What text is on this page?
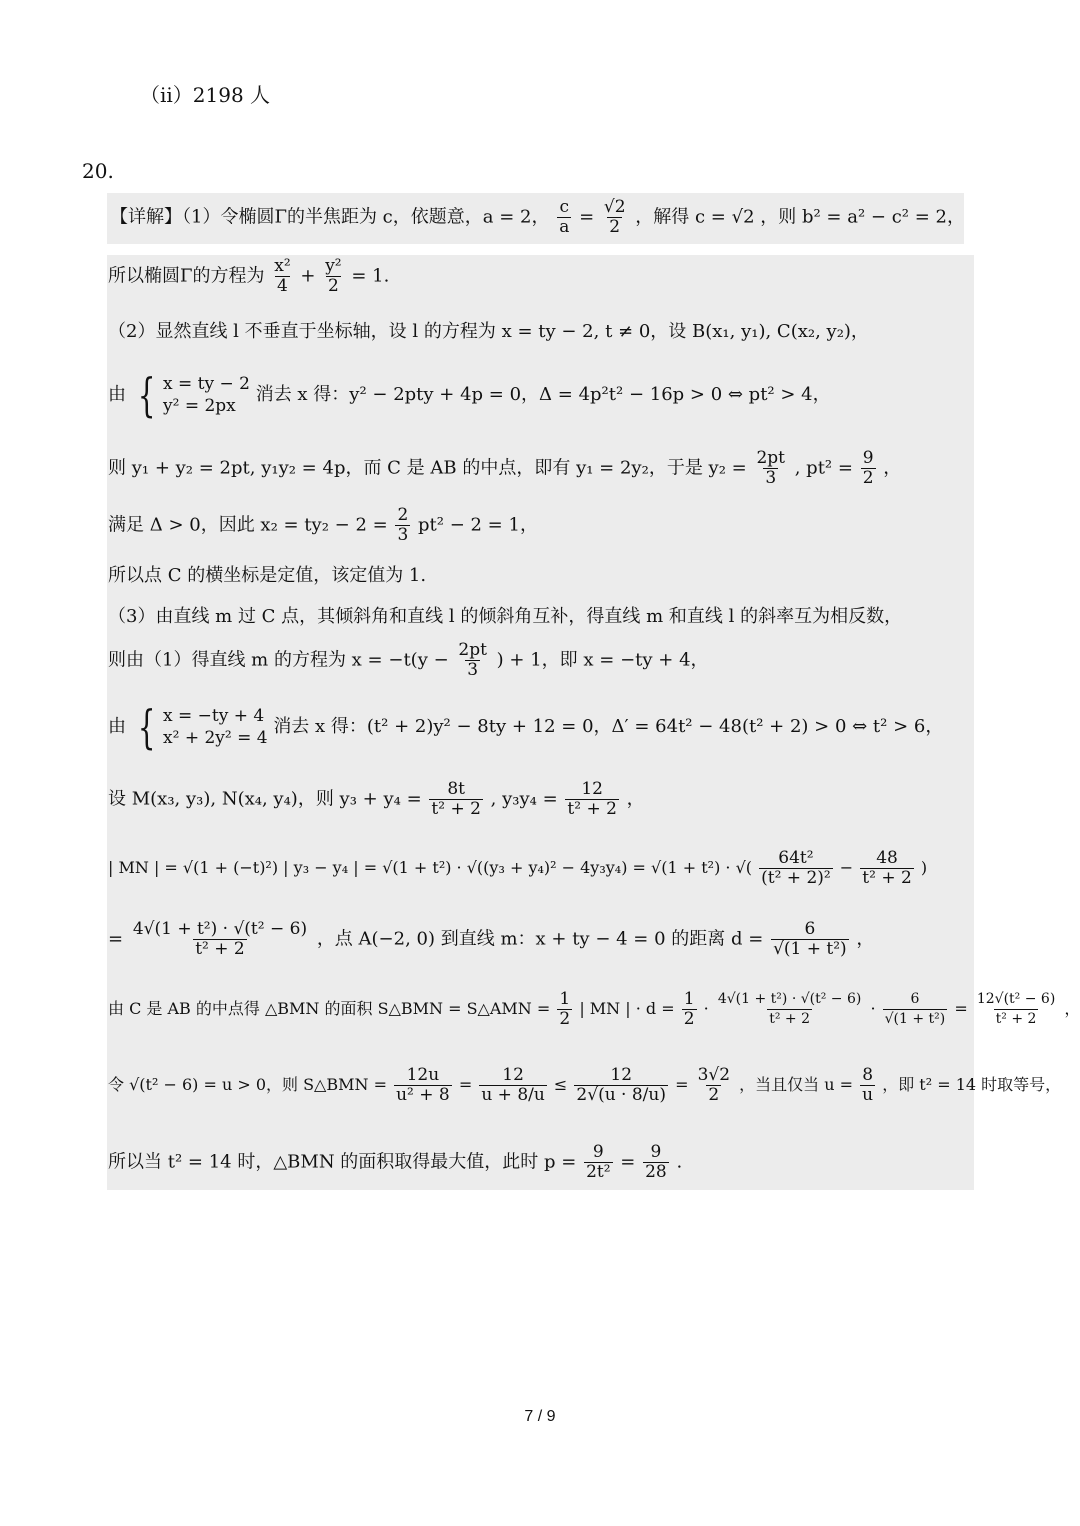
（ii）2198 人
20.
【详解】（1）令椭圆Γ的半焦距为 c，依题意，a = 2， $\frac{c}{a} = \frac{√2}{2}$ ，解得 c = √2 ，则 b² = a² − c² = 2，
所以椭圆Γ的方程为 $\frac{\text{x²}}{4} + \frac{\text{y²}}{2} = 1$.
（2）显然直线 l 不垂直于坐标轴，设 l 的方程为 x = ty − 2, t ≠ 0，设 B(x₁, y₁), C(x₂, y₂)，
由 { x = ty − 2
y² = 2px
消去 x 得：y² − 2pty + 4p = 0，Δ = 4p²t² − 16p > 0 ⇔ pt² > 4，
则 y₁ + y₂ = 2pt, y₁y₂ = 4p，而 C 是 AB 的中点，即有 y₁ = 2y₂，于是 $y_2 = \frac{2pt}{3}$ , $pt^2 = \frac{9}{2}$ ，
满足 Δ > 0，因此 $x_2 = ty_2 - 2 = \frac{2}{3} pt^2 - 2 = 1$，
所以点 C 的横坐标是定值，该定值为 1.
（3）由直线 m 过 C 点，其倾斜角和直线 l 的倾斜角互补，得直线 m 和直线 l 的斜率互为相反数，
则由（1）得直线 m 的方程为 $x = -t(y - \frac{2pt}{3}$ ) + 1，即 x = −ty + 4，
由 { x = −ty + 4
x² + 2y² = 4
消去 x 得：(t² + 2)y² − 8ty + 12 = 0，Δ′ = 64t² − 48(t² + 2) > 0 ⇔ t² > 6，
设 M(x₃, y₃), N(x₄, y₄)，则 $y_3 + y_4 = \frac{8t}{\text{t² + 2}}$ , $y_3y_4 = \frac{12}{\text{t² + 2}}$ ，
| MN | = √(1 + (−t)²) | y₃ − y₄ | = √(1 + t²) · √((y₃ + y₄)² − 4y₃y₄) = √(1 + t²) · √( $\frac{\text{64t²}}{\text{(t² + 2)²}} - \frac{48}{\text{t² + 2}}$ )
= $\frac{\text{4√(1 + t²) · √(t² − 6)}}{\text{t² + 2}}$ ，点 A(−2, 0) 到直线 m：x + ty − 4 = 0 的距离 $d = \frac{6}{\text{√(1 + t²)}}$ ，
由 C 是 AB 的中点得 △BMN 的面积 S△BMN = S△AMN = $\frac{1}{2}$ | MN | · $d = \frac{1}{2} \cdot \frac{\text{4√(1 + t²) · √(t² − 6)}}{\text{t² + 2}} \cdot \frac{6}{\text{√(1 + t²)}} = \frac{\text{12√(t² − 6)}}{\text{t² + 2}}$ ，
令 √(t² − 6) = u > 0，则 S△BMN = $\frac{12u}{\text{u² + 8}} = \frac{12}{u + 8/u} \le \frac{12}{2√(u \cdot 8/u)} = \frac{3√2}{2}$ ，当且仅当 $u = \frac{8}{u}$ ，即 t² = 14 时取等号，
所以当 t² = 14 时，△BMN 的面积取得最大值，此时 $p = \frac{9}{\text{2t²}} = \frac{9}{28}$ .
7 / 9
